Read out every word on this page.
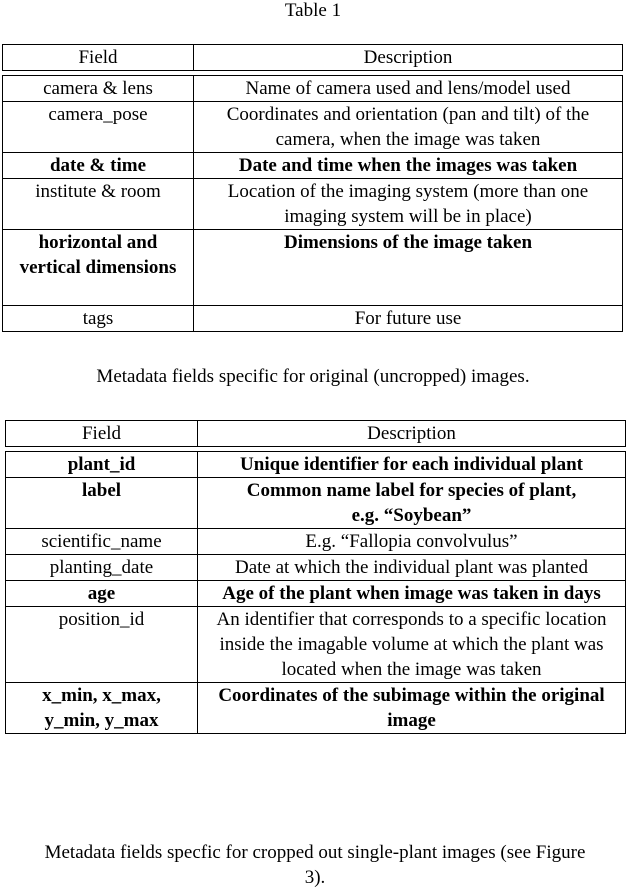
Table 1
Field	Description

camera & lens	Name of camera used and lens/model used
camera_pose	Coordinates and orientation (pan and tilt) of the camera, when the image was taken
date & time	Date and time when the images was taken
institute & room	Location of the imaging system (more than one imaging system will be in place)
horizontal and vertical dimensions	Dimensions of the image taken
tags	For future use
Metadata fields specific for original (uncropped) images.
Field	Description

plant_id	Unique identifier for each individual plant
label	Common name label for species of plant, e.g. “Soybean”
scientific_name	E.g. “Fallopia convolvulus”
planting_date	Date at which the individual plant was planted
age	Age of the plant when image was taken in days
position_id	An identifier that corresponds to a specific location inside the imagable volume at which the plant was located when the image was taken
x_min, x_max, y_min, y_max	Coordinates of the subimage within the original image
Metadata fields specfic for cropped out single-plant images (see Figure 3).
